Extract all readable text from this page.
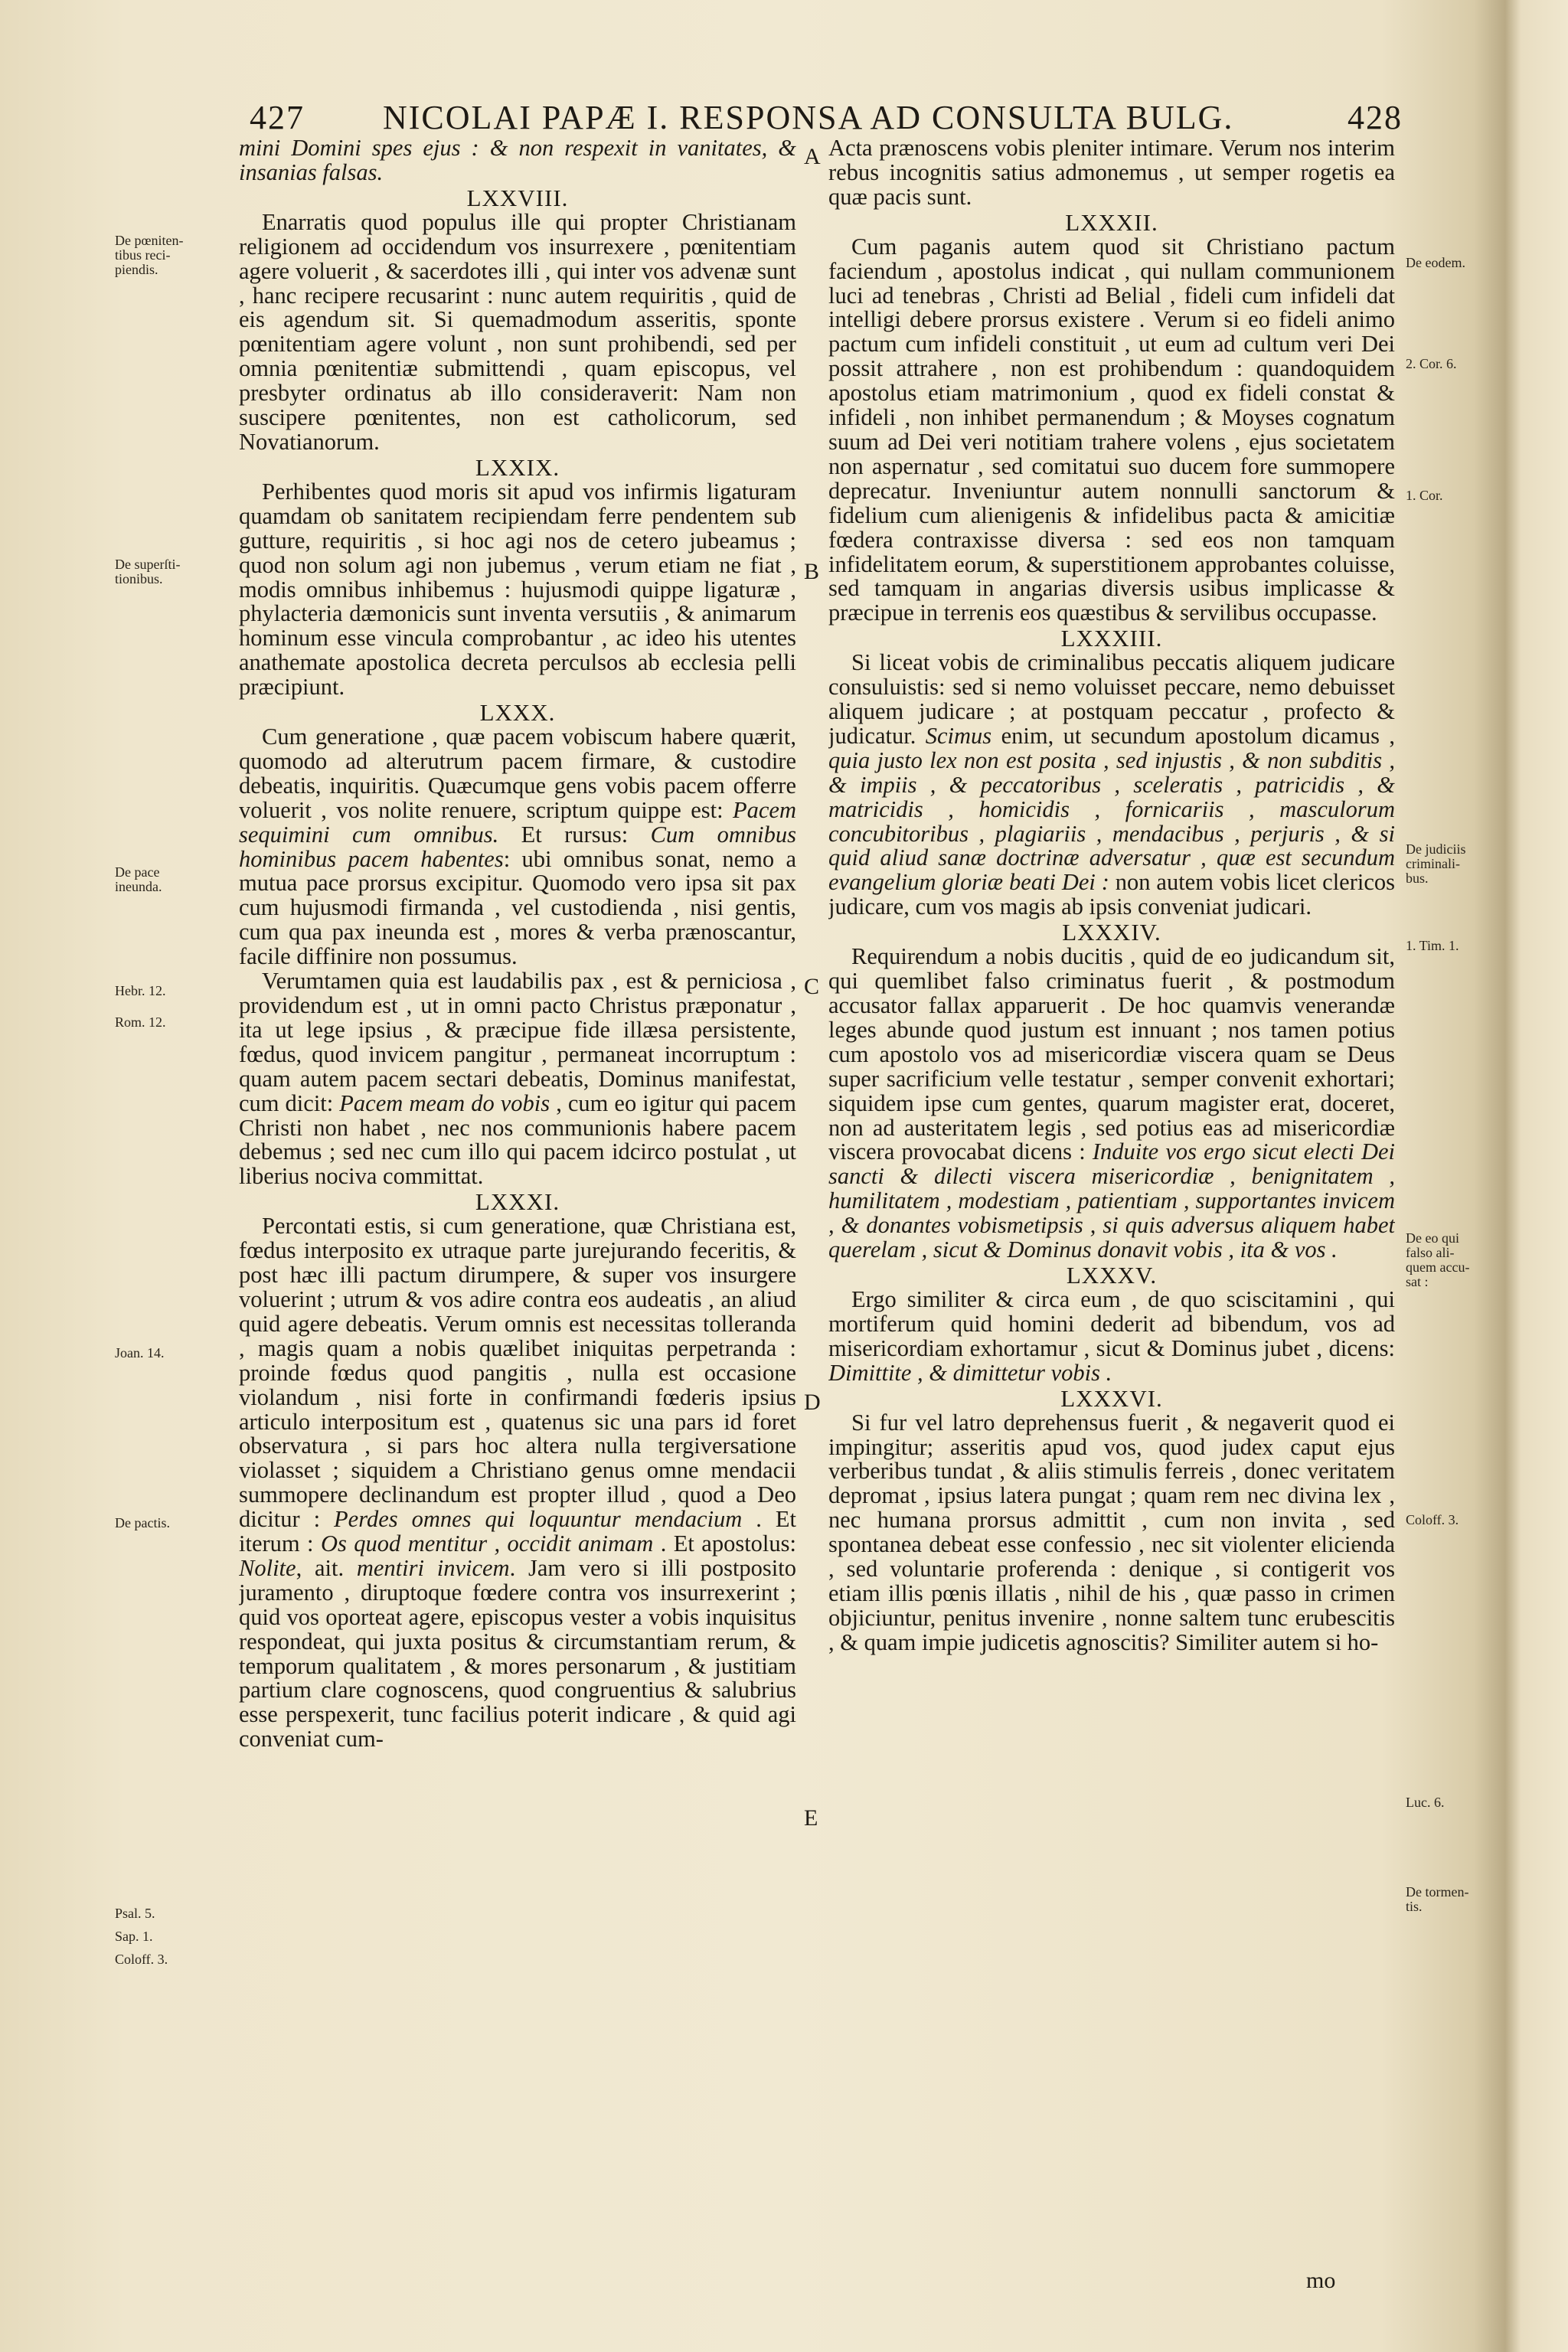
427 NICOLAI PAPÆ I. RESPONSA AD CONSULTA BULG.	428

mini Domini spes ejus : & non respexit in vanitates, & insanias falsas.

LXXVIII.

Enarratis quod populus ille qui propter Christianam religionem ad occidendum vos insurrexere , pœnitentiam agere voluerit , & sacerdotes illi , qui inter vos advenæ sunt , hanc recipere recusarint : nunc autem requiritis , quid de eis agendum sit. Si quemadmodum asseritis, sponte pœnitentiam agere volunt , non sunt prohibendi, sed per omnia pœnitentiæ submittendi , quam episcopus, vel presbyter ordinatus ab illo consideraverit: Nam non suscipere pœnitentes, non est catholicorum, sed Novatianorum.

LXXIX.

Perhibentes quod moris sit apud vos infirmis ligaturam quamdam ob sanitatem recipiendam ferre pendentem sub gutture, requiritis , si hoc agi nos de cetero jubeamus ; quod non solum agi non jubemus , verum etiam ne fiat , modis omnibus inhibemus : hujusmodi quippe ligaturæ , phylacteria dæmonicis sunt inventa versutiis , & animarum hominum esse vincula comprobantur , ac ideo his utentes anathemate apostolica decreta perculsos ab ecclesia pelli præcipiunt.

LXXX.

Cum generatione , quæ pacem vobiscum habere quærit, quomodo ad alterutrum pacem firmare, & custodire debeatis, inquiritis. Quæcumque gens vobis pacem offerre voluerit , vos nolite renuere, scriptum quippe est: Pacem sequimini cum omnibus. Et rursus: Cum omnibus hominibus pacem habentes: ubi omnibus sonat, nemo a mutua pace prorsus excipitur. Quomodo vero ipsa sit pax cum hujusmodi firmanda , vel custodienda , nisi gentis, cum qua pax ineunda est , mores & verba prænoscantur, facile diffinire non possumus.

Verumtamen quia est laudabilis pax , est & perniciosa , providendum est , ut in omni pacto Christus præponatur , ita ut lege ipsius , & præcipue fide illæsa persistente, fœdus, quod invicem pangitur , permaneat incorruptum : quam autem pacem sectari debeatis, Dominus manifestat, cum dicit: Pacem meam do vobis , cum eo igitur qui pacem Christi non habet , nec nos communionis habere pacem debemus ; sed nec cum illo qui pacem idcirco postulat , ut liberius nociva committat.

LXXXI.

Percontati estis, si cum generatione, quæ Christiana est, fœdus interposito ex utraque parte jurejurando feceritis, & post hæc illi pactum dirumpere, & super vos insurgere voluerint ; utrum & vos adire contra eos audeatis , an aliud quid agere debeatis. Verum omnis est necessitas tolleranda , magis quam a nobis quælibet iniquitas perpetranda : proinde fœdus quod pangitis , nulla est occasione violandum , nisi forte in confirmandi fœderis ipsius articulo interpositum est , quatenus sic una pars id foret observatura , si pars hoc altera nulla tergiversatione violasset ; siquidem a Christiano genus omne mendacii summopere declinandum est propter illud , quod a Deo dicitur : Perdes omnes qui loquuntur mendacium . Et iterum : Os quod mentitur , occidit animam . Et apostolus: Nolite, ait. mentiri invicem. Jam vero si illi postposito juramento , diruptoque fœdere contra vos insurrexerint ; quid vos oporteat agere, episcopus vester a vobis inquisitus respondeat, qui juxta positus & circumstantiam rerum, & temporum qualitatem , & mores personarum , & justitiam partium clare cognoscens, quod congruentius & salubrius esse perspexerit, tunc facilius poterit indicare , & quid agi conveniat cum-

Acta prænoscens vobis pleniter intimare. Verum nos interim rebus incognitis satius admonemus , ut semper rogetis ea quæ pacis sunt.

LXXXII.

Cum paganis autem quod sit Christiano pactum faciendum , apostolus indicat , qui nullam communionem luci ad tenebras , Christi ad Belial , fideli cum infideli dat intelligi debere prorsus existere . Verum si eo fideli animo pactum cum infideli constituit , ut eum ad cultum veri Dei possit attrahere , non est prohibendum : quandoquidem apostolus etiam matrimonium , quod ex fideli constat & infideli , non inhibet permanendum ; & Moyses cognatum suum ad Dei veri notitiam trahere volens , ejus societatem non aspernatur , sed comitatui suo ducem fore summopere deprecatur. Inveniuntur autem nonnulli sanctorum & fidelium cum alienigenis & infidelibus pacta & amicitiæ fœdera contraxisse diversa : sed eos non tamquam infidelitatem eorum, & superstitionem approbantes coluisse, sed tamquam in angarias diversis usibus implicasse & præcipue in terrenis eos quæstibus & servilibus occupasse.

LXXXIII.

Si liceat vobis de criminalibus peccatis aliquem judicare consuluistis: sed si nemo voluisset peccare, nemo debuisset aliquem judicare ; at postquam peccatur , profecto & judicatur. Scimus enim, ut secundum apostolum dicamus , quia justo lex non est posita , sed injustis , & non subditis , & impiis , & peccatoribus , sceleratis , patricidis , & matricidis , homicidis , fornicariis , masculorum concubitoribus , plagiariis , mendacibus , perjuris , & si quid aliud sanæ doctrinæ adversatur , quæ est secundum evangelium gloriæ beati Dei : non autem vobis licet clericos judicare, cum vos magis ab ipsis conveniat judicari.

LXXXIV.

Requirendum a nobis ducitis , quid de eo judicandum sit, qui quemlibet falso criminatus fuerit , & postmodum accusator fallax apparuerit . De hoc quamvis venerandæ leges abunde quod justum est innuant ; nos tamen potius cum apostolo vos ad misericordiæ viscera quam se Deus super sacrificium velle testatur , semper convenit exhortari; siquidem ipse cum gentes, quarum magister erat, doceret, non ad austeritatem legis , sed potius eas ad misericordiæ viscera provocabat dicens : Induite vos ergo sicut electi Dei sancti & dilecti viscera misericordiæ , benignitatem , humilitatem , modestiam , patientiam , supportantes invicem , & donantes vobismetipsis , si quis adversus aliquem habet querelam , sicut & Dominus donavit vobis , ita & vos .

LXXXV.

Ergo similiter & circa eum , de quo sciscitamini , qui mortiferum quid homini dederit ad bibendum, vos ad misericordiam exhortamur , sicut & Dominus jubet , dicens: Dimittite , & dimittetur vobis .

LXXXVI.

Si fur vel latro deprehensus fuerit , & negaverit quod ei impingitur; asseritis apud vos, quod judex caput ejus verberibus tundat , & aliis stimulis ferreis , donec veritatem depromat , ipsius latera pungat ; quam rem nec divina lex , nec humana prorsus admittit , cum non invita , sed spontanea debeat esse confessio , nec sit violenter elicienda , sed voluntarie proferenda : denique , si contigerit vos etiam illis pœnis illatis , nihil de his , quæ passo in crimen objiciuntur, penitus invenire , nonne saltem tunc erubescitis , & quam impie judicetis agnoscitis? Similiter autem si ho-

mo
A
B
C
D
E
De pœniten-
tibus reci-
piendis.
De superſti-
tionibus.
De pace
ineunda.
Hebr. 12.
Rom. 12.
Joan. 14.
De pactis.
Psal. 5.
Sap. 1.
Coloff. 3.
De eodem.
2. Cor. 6.
1. Cor.
De judiciis
criminali-
bus.
1. Tim. 1.
De eo qui
falso ali-
quem accu-
sat :
Coloff. 3.
Luc. 6.
De tormen-
tis.
